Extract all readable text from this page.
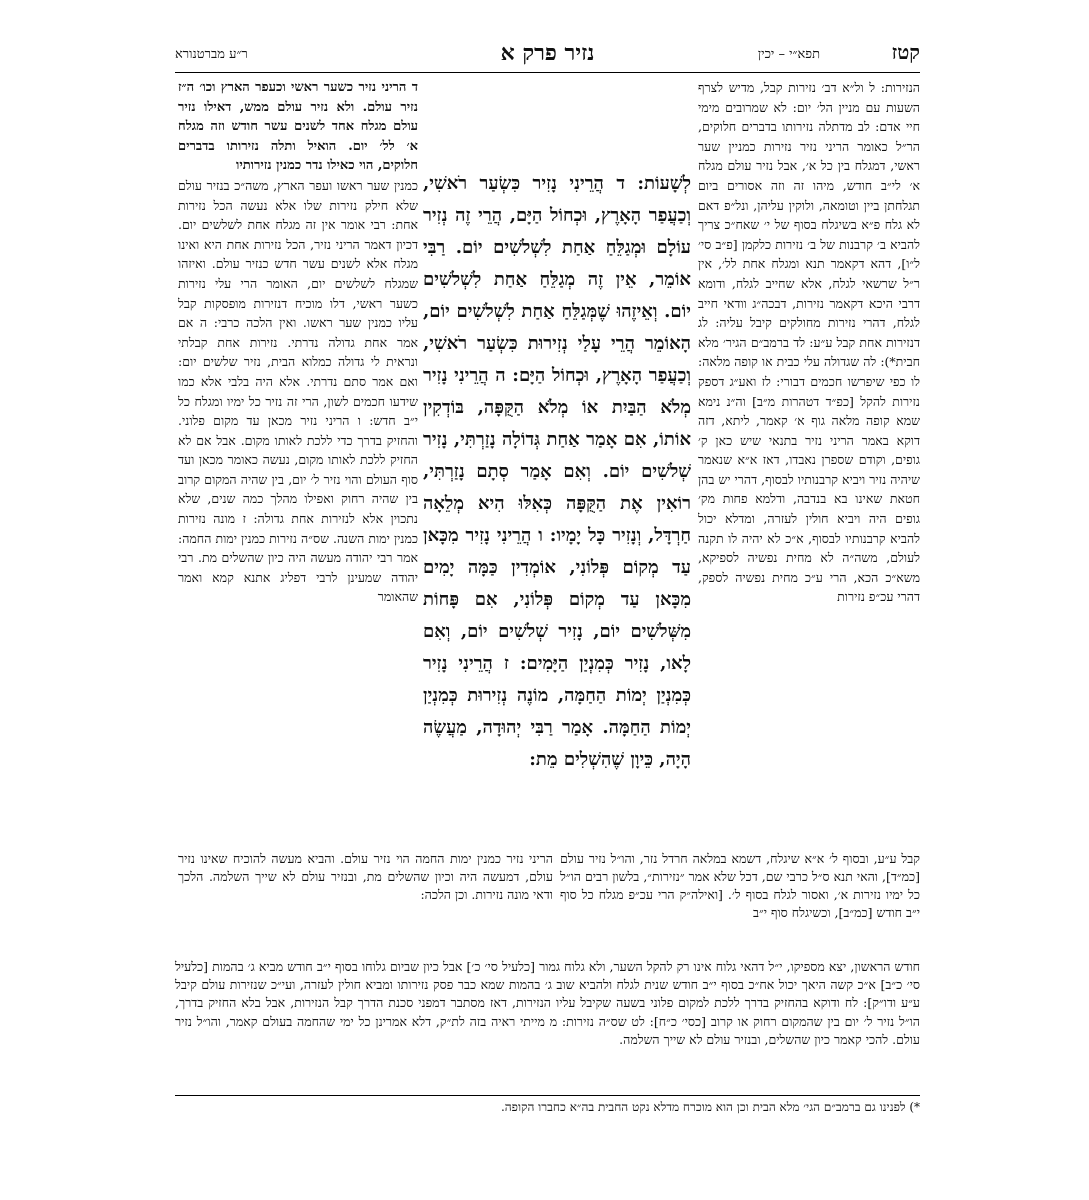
קטז
תפא״י – יכין
נזיר פרק א
ר״ע מברטנורא

הנזירות: ל ול״א דב׳ נזירות קבל, מדיש לצרף השעות עם מניין הל׳ יום: לא שמרובים מימי חיי אדם: לב מדתלה נזירותו בדברים חלוקים, הר״ל כאומר הריני נזיר נזירות כמניין שער ראשי, דמגלח בין כל א׳, אבל נזיר עולם מגלח א׳ לי״ב חודש, מיהו זה וזה אסורים ביום תגלחתן ביין וטומאה, ולוקין עליהן, ונל״פ דאם לא גלח פ״א בשיגלח בסוף של י׳ שאח״כ צריך להביא ב׳ קרבנות של ב׳ נזירות כלקמן [פ״ב סי׳ ל״ו], דהא דקאמר תנא ומגלח אחת לל׳, אין ר״ל שרשאי לגלח, אלא שחייב לגלח, ודומא דרבי היכא דקאמר נזירות, דבכה״ג וודאי חייב לגלח, דהרי נזירות מחולקים קיבל עליה: לג דנזירות אחת קבל ע״ע: לד ברמב״ם הגיר׳ מלא חבית*): לה שגדולה עלי כבית או קופה מלאה: לו כפי שיפרשו חכמים דבורי: לז ואע״ג דספק נזירות להקל [כפ״ד דטהרות מ״ב] וה״נ נימא שמא קופה מלאה גוף א׳ קאמר, ליתא, דזה דוקא באמר הריני נזיר בתנאי שיש כאן ק׳ גופים, וקודם שספרן נאבדו, דאז א״א שנאמר שיהיה נזיר ויביא קרבנותיו לבסוף, דהרי יש בהן חטאת שאינו בא בנדבה, ודלמא פחות מק׳ גופים היה ויביא חולין לעזרה, ומדלא יכול להביא קרבנותיו לבסוף, א״כ לא יהיה לו תקנה לעולם, משה״ה לא מחית נפשיה לספיקא, משא״כ הכא, הרי ע״כ מחית נפשיה לספק, דהרי עכ״פ נזירות

לְשָׁעוֹת: ד הֲרֵינִי נָזִיר כִּשְׂעַר רֹאשִׁי, וְכַעֲפַר הָאָרֶץ, וּכְחוֹל הַיָּם, הֲרֵי זֶה נְזִיר עוֹלָם וּמְגַלֵּחַ אַחַת לִשְׁלשִׁים יוֹם. רַבִּי אוֹמֵר, אֵין זֶה מְגַלֵּחַ אַחַת לִשְׁלשִׁים יוֹם. וְאֵיזֶהוּ שֶׁמְּגַלֵּחַ אַחַת לִשְׁלשִׁים יוֹם, הָאוֹמֵר הֲרֵי עָלַי נְזִירוּת כִּשְׂעַר רֹאשִׁי, וְכַעֲפַר הָאָרֶץ, וּכְחוֹל הַיָּם: ה הֲרֵינִי נָזִיר מְלֹא הַבַּיִת אוֹ מְלֹא הַקֻּפָּה, בּוֹדְקִין אוֹתוֹ, אִם אָמַר אַחַת גְּדוֹלָה נָזַרְתִּי, נָזִיר שְׁלשִׁים יוֹם. וְאִם אָמַר סְתָם נָזַרְתִּי, רוֹאִין אֶת הַקֻּפָּה כְּאִלּוּ הִיא מְלֵאָה חַרְדָּל, וְנָזִיר כָּל יָמָיו: ו הֲרֵינִי נָזִיר מִכָּאן עַד מְקוֹם פְּלוֹנִי, אוֹמְדִין כַּמָּה יָמִים מִכָּאן עַד מְקוֹם פְּלוֹנִי, אִם פָּחוֹת מִשְּׁלשִׁים יוֹם, נָזִיר שְׁלשִׁים יוֹם, וְאִם לָאו, נָזִיר כְּמִנְיַן הַיָּמִים: ז הֲרֵינִי נָזִיר כְּמִנְיַן יְמוֹת הַחַמָּה, מוֹנֶה נְזִירוּת כְּמִנְיַן יְמוֹת הַחַמָּה. אָמַר רַבִּי יְהוּדָה, מַעֲשֶׂה הָיָה, כֵּיוָן שֶׁהִשְׁלִים מֵת:

ד הריני נזיר כשער ראשי וכעפר הארץ וכו׳ ה״ז נזיר עולם. ולא נזיר עולם ממש, דאילו נזיר עולם מגלח אחד לשנים עשר חודש וזה מגלח א׳ לל׳ יום. הואיל ותלה נזירותו בדברים חלוקים, הוי כאילו נדר כמנין נזירותיו

כמנין שער ראשו ועפר הארץ, משה״כ בנזיר עולם שלא חילק נזירות שלו אלא נעשה הכל נזירות אחת: רבי אומר אין זה מגלח אחת לשלשים יום. דכיון דאמר הריני נזיר, הכל נזירות אחת היא ואינו מגלח אלא לשנים עשר חדש כנזיר עולם. ואיזהו שמגלח לשלשים יום, האומר הרי עלי נזירות כשער ראשי, דלו מוכיח דנזירות מופסקות קבל עליו כמנין שער ראשו. ואין הלכה כרבי: ה אם אמר אחת גדולה נדרתי. נזירות אחת קבלתי ונראית לי גדולה כמלוא הבית, נזיר שלשים יום: ואם אמר סתם נדרתי. אלא היה בלבי אלא כמו שידעו חכמים לשון, הרי זה נזיר כל ימיו ומגלח כל י״ב חדש: ו הריני נזיר מכאן עד מקום פלוני. והחזיק בדרך כדי ללכת לאותו מקום. אבל אם לא החזיק ללכת לאותו מקום, נעשה כאומר מכאן ועד סוף העולם והוי נזיר ל׳ יום, בין שהיה המקום קרוב בין שהיה רחוק ואפילו מהלך כמה שנים, שלא נתכוין אלא לנזירות אחת גדולה: ז מונה נזירות כמנין ימות השנה. שס״ה נזירות כמנין ימות החמה: אמר רבי יהודה מעשה היה כיון שהשלים מת. רבי יהודה שמעינן לרבי דפליג אתנא קמא ואמר שהאומר

קבל ע״ע, ובסוף ל׳ א״א שיגלח, דשמא במלאה חרדל נזר, והו״ל נזיר עולם [כמ״ד], והאי תנא ס״ל כרבי שם, דכל שלא אמר ״נזירות״, בלשון רבים הו״ל כל ימיו נזירות א׳, ואסור לגלח בסוף ל׳. [ואילה״ק הרי עכ״פ מגלח כל סוף י״ב חודש [כמ״ב], וכשיגלח סוף י״ב

הריני נזיר כמנין ימות החמה הוי נזיר עולם. והביא מעשה להוכיח שאינו נזיר עולם, דמעשה היה וכיון שהשלים מת, ובנזיר עולם לא שייך השלמה. הלכך ודאי מונה נזירות. וכן הלכה:

חודש הראשון, יצא מספיקו, י״ל דהאי גלוח אינו רק להקל השער, ולא גלוח גמור [כלעיל סי׳ כ׳] אבל כיון שביום גלוחו בסוף י״ב חודש מביא ג׳ בהמות [כלעיל סי׳ כ״ב] א״כ קשה היאך יכול אח״כ בסוף י״ב חודש שנית לגלח ולהביא שוב ג׳ בהמות שמא כבר פסק נזירותו ומביא חולין לעזרה, ועי״כ שנזירות עולם קיבל ע״ע ודו״ק]: לח ודוקא בהחזיק בדרך ללכת למקום פלוני בשעה שקיבל עליו הנזירות, דאז מסתבר דמפני סכנת הדרך קבל הנזירות, אבל בלא החזיק בדרך, הו״ל נזיר ל׳ יום בין שהמקום רחוק או קרוב [כסי׳ כ״ח]: לט שס״ה נזירות: מ מייתי ראיה בזה לת״ק, דלא אמרינן כל ימי שהחמה בעולם קאמר, והו״ל נזיר עולם. להכי קאמר כיון שהשלים, ובנזיר עולם לא שייך השלמה.

*) לפנינו גם ברמב״ם הגי׳ מלא הבית וכן הוא מוכרח מדלא נקט החבית בה״א כחברו הקופה.
